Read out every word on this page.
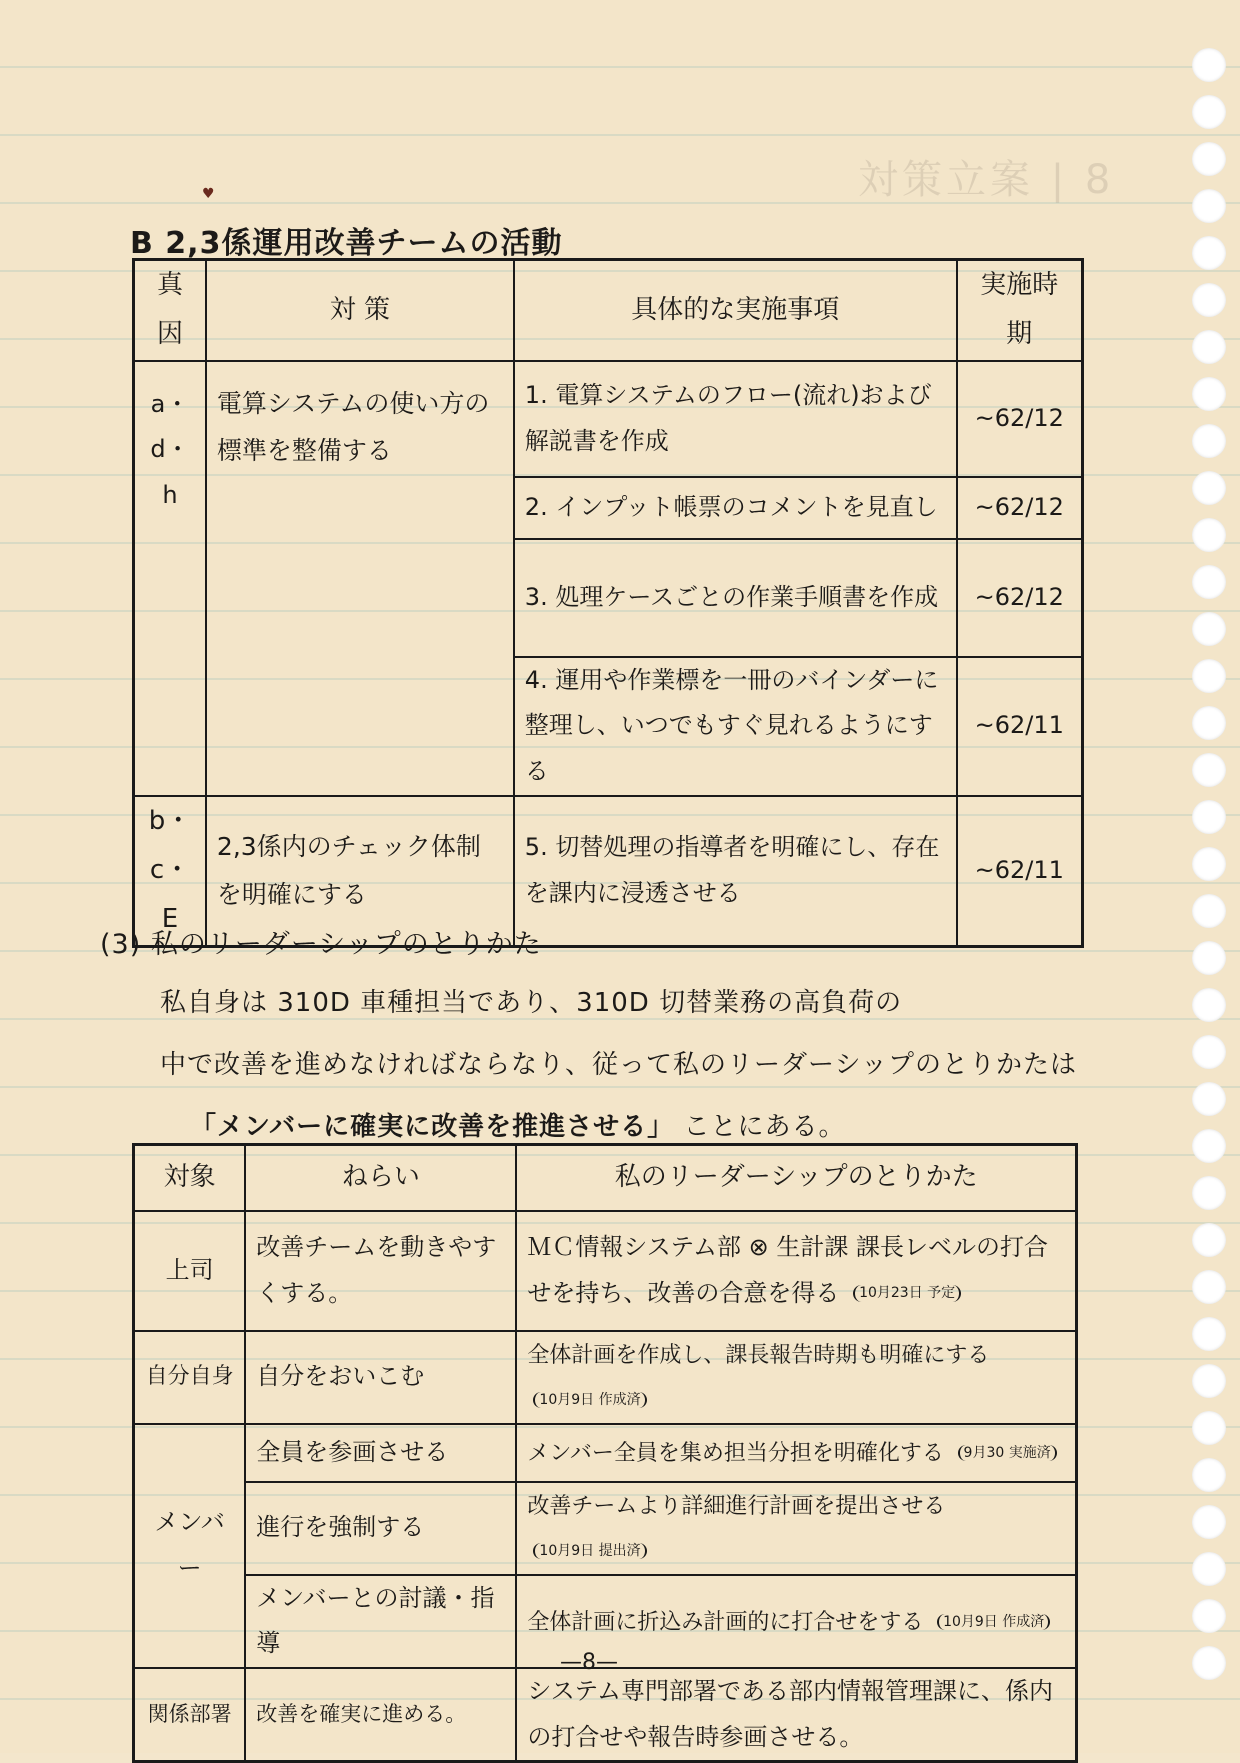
対策立案 | 8
♥
B 2,3係運用改善チームの活動
真因	対 策	具体的な実施事項	実施時期
a・d・h	電算システムの使い方の標準を整備する	1. 電算システムのフロー(流れ)および解説書を作成	~62/12
		2. インプット帳票のコメントを見直し	~62/12
		3. 処理ケースごとの作業手順書を作成	~62/12
		4. 運用や作業標を一冊のバインダーに整理し、いつでもすぐ見れるようにする	~62/11
b・c・E	2,3係内のチェック体制を明確にする	5. 切替処理の指導者を明確にし、存在を課内に浸透させる	~62/11
(3) 私のリーダーシップのとりかた
私自身は 310D 車種担当であり、310D 切替業務の高負荷の
中で改善を進めなければならなり、従って私のリーダーシップのとりかたは
「メンバーに確実に改善を推進させる」 ことにある。
対象	ねらい	私のリーダーシップのとりかた
上司	改善チームを動きやすくする。	ＭＣ情報システム部 ⊗ 生計課 課長レベルの打合せを持ち、改善の合意を得る 10月23日 予定
自分自身	自分をおいこむ	全体計画を作成し、課長報告時期も明確にする 10月9日 作成済
メンバー	全員を参画させる	メンバー全員を集め担当分担を明確化する 9月30 実施済
	進行を強制する	改善チームより詳細進行計画を提出させる 10月9日 提出済
	メンバーとの討議・指導	全体計画に折込み計画的に打合せをする 10月9日 作成済
関係部署	改善を確実に進める。	システム専門部署である部内情報管理課に、係内の打合せや報告時参画させる。
—8—
